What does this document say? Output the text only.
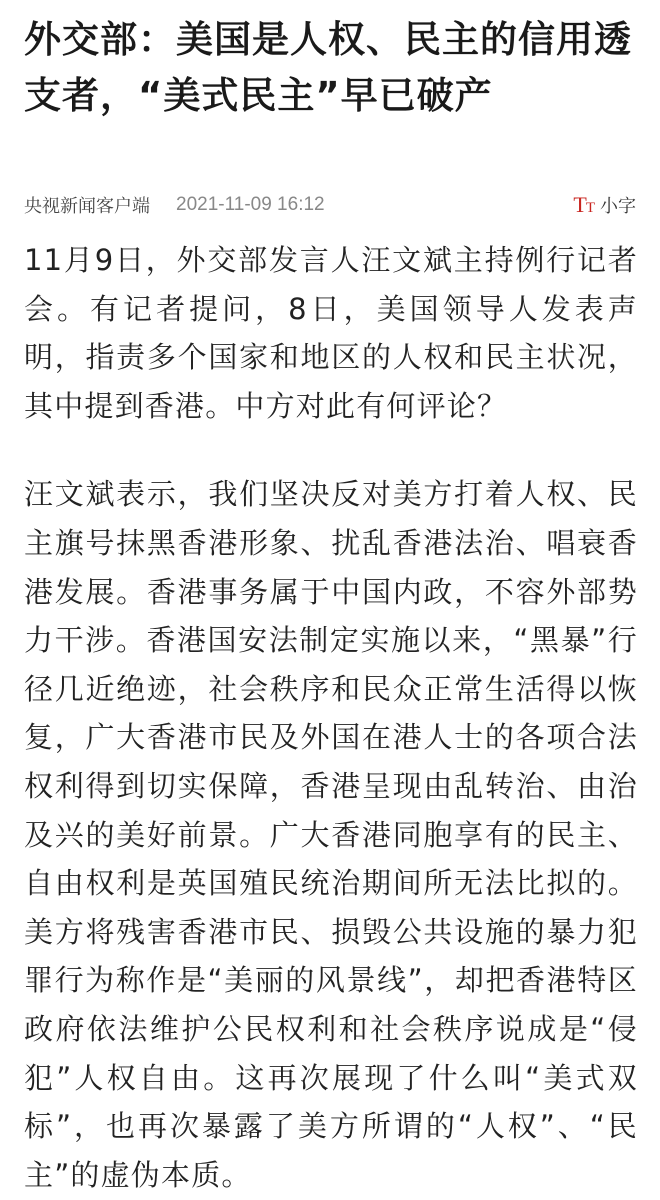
外交部：美国是人权、民主的信用透支者，“美式民主”早已破产
央视新闻客户端 2021-11-09 16:12	TT 小字

11月9日，外交部发言人汪文斌主持例行记者会。有记者提问，8日，美国领导人发表声明，指责多个国家和地区的人权和民主状况，其中提到香港。中方对此有何评论？

汪文斌表示，我们坚决反对美方打着人权、民主旗号抹黑香港形象、扰乱香港法治、唱衰香港发展。香港事务属于中国内政，不容外部势力干涉。香港国安法制定实施以来，“黑暴”行径几近绝迹，社会秩序和民众正常生活得以恢复，广大香港市民及外国在港人士的各项合法权利得到切实保障，香港呈现由乱转治、由治及兴的美好前景。广大香港同胞享有的民主、自由权利是英国殖民统治期间所无法比拟的。美方将残害香港市民、损毁公共设施的暴力犯罪行为称作是“美丽的风景线”，却把香港特区政府依法维护公民权利和社会秩序说成是“侵犯”人权自由。这再次展现了什么叫“美式双标”，也再次暴露了美方所谓的“人权”、“民主”的虚伪本质。
